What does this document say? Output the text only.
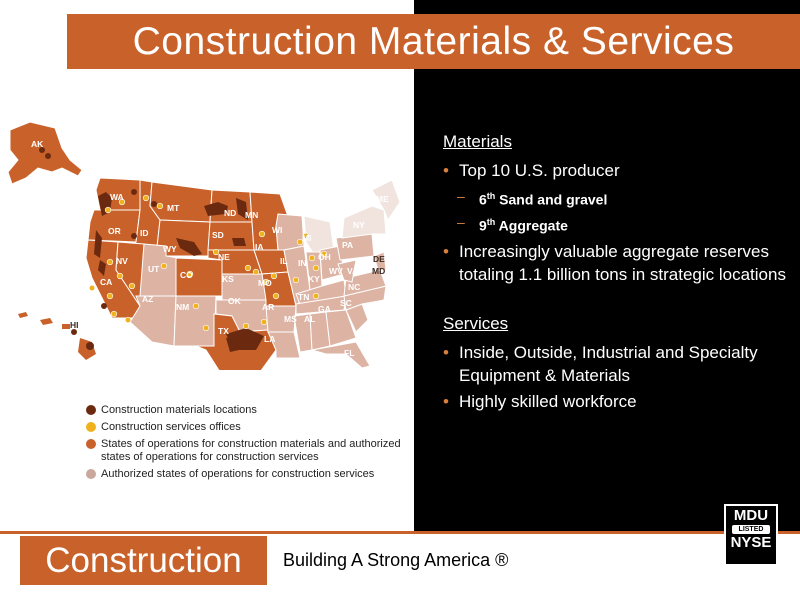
Construction Materials & Services
AK
HI
WA
OR ID
MT	ND MN
SD
WY
NV
CA
UT
CO
NE
IA
KS	MO
IL IN
OH
WV VA
KY
TN
NC
SC
GA
AL
MS
AR
LA
TX
OK
NM
AZ
WI
MI
NY
PA
ME
DE
MD
FL
Construction materials locations
Construction services offices
States of operations for construction materials and authorized states of operations for construction services
Authorized states of operations for construction services
Materials
• Top 10 U.S. producer
– 6th Sand and gravel
– 9th Aggregate
• Increasingly valuable aggregate reserves totaling 1.1 billion tons in strategic locations
Services
• Inside, Outside, Industrial and Specialty Equipment & Materials
• Highly skilled workforce
Construction	Building A Strong America ®
MDU
LISTED
NYSE
